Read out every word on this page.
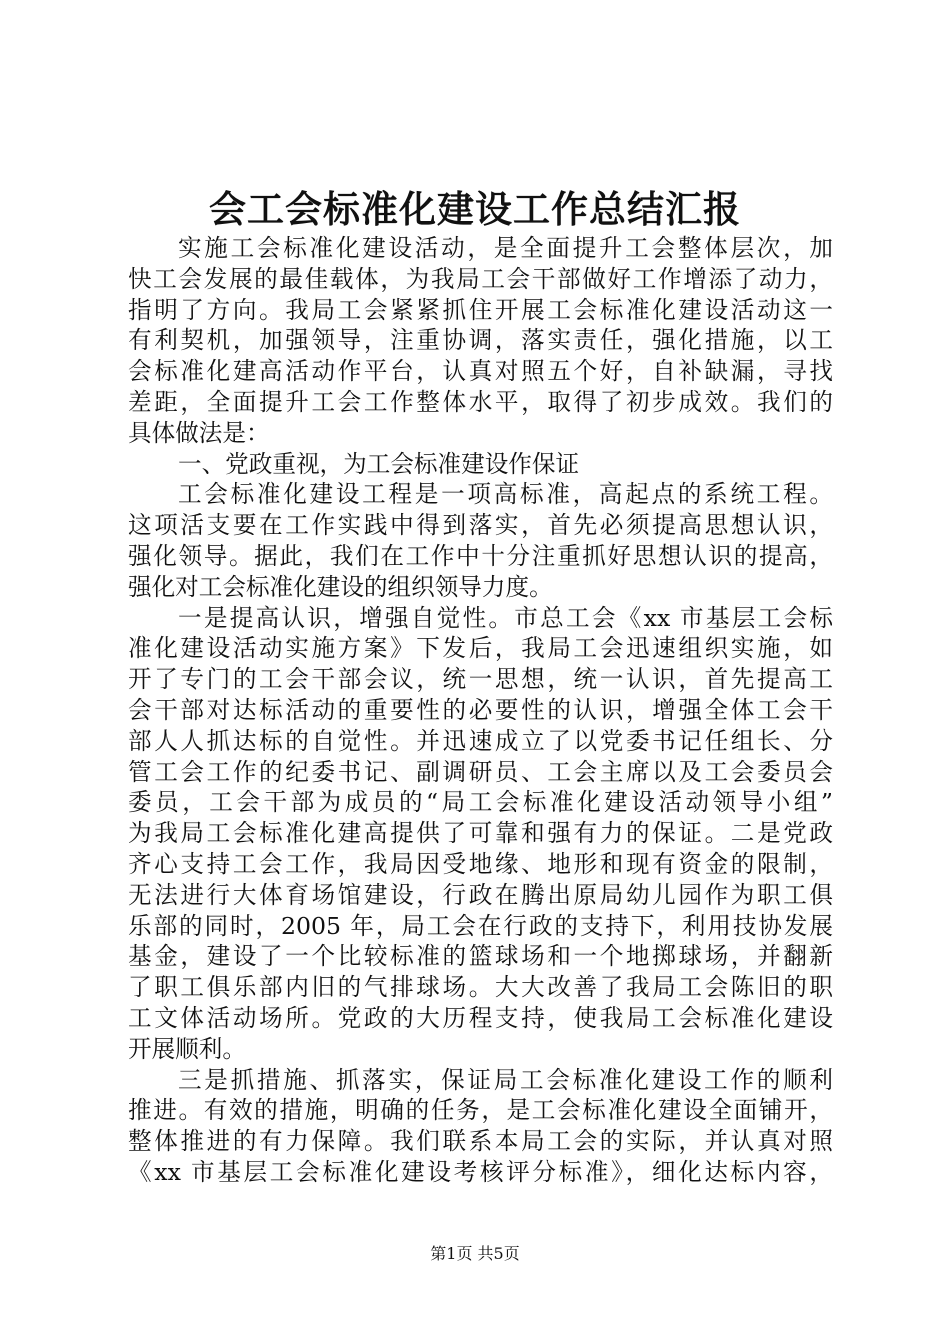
会工会标准化建设工作总结汇报
实施工会标准化建设活动，是全面提升工会整体层次，加
快工会发展的最佳载体，为我局工会干部做好工作增添了动力，
指明了方向。我局工会紧紧抓住开展工会标准化建设活动这一
有利契机，加强领导，注重协调，落实责任，强化措施，以工
会标准化建高活动作平台，认真对照五个好，自补缺漏，寻找
差距，全面提升工会工作整体水平，取得了初步成效。我们的
具体做法是：
一、党政重视，为工会标准建设作保证
工会标准化建设工程是一项高标准，高起点的系统工程。
这项活支要在工作实践中得到落实，首先必须提高思想认识，
强化领导。据此，我们在工作中十分注重抓好思想认识的提高，
强化对工会标准化建设的组织领导力度。
一是提高认识，增强自觉性。市总工会《xx 市基层工会标
准化建设活动实施方案》下发后，我局工会迅速组织实施，如
开了专门的工会干部会议，统一思想，统一认识，首先提高工
会干部对达标活动的重要性的必要性的认识，增强全体工会干
部人人抓达标的自觉性。并迅速成立了以党委书记任组长、分
管工会工作的纪委书记、副调研员、工会主席以及工会委员会
委员，工会干部为成员的“局工会标准化建设活动领导小组”
为我局工会标准化建高提供了可靠和强有力的保证。二是党政
齐心支持工会工作，我局因受地缘、地形和现有资金的限制，
无法进行大体育场馆建设，行政在腾出原局幼儿园作为职工俱
乐部的同时，2005 年，局工会在行政的支持下，利用技协发展
基金，建设了一个比较标准的篮球场和一个地掷球场，并翻新
了职工俱乐部内旧的气排球场。大大改善了我局工会陈旧的职
工文体活动场所。党政的大历程支持，使我局工会标准化建设
开展顺利。
三是抓措施、抓落实，保证局工会标准化建设工作的顺利
推进。有效的措施，明确的任务，是工会标准化建设全面铺开，
整体推进的有力保障。我们联系本局工会的实际，并认真对照
《xx 市基层工会标准化建设考核评分标准》，细化达标内容，

第1页 共5页
